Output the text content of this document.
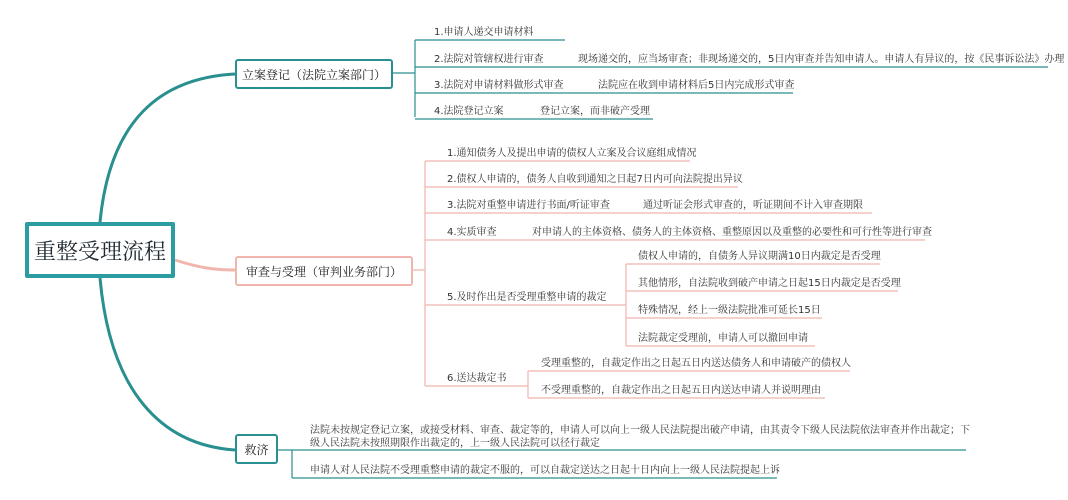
重整受理流程
立案登记（法院立案部门）
审查与受理（审判业务部门）
救济
1.申请人递交申请材料
2.法院对管辖权进行审查	现场递交的，应当场审查；非现场递交的，5日内审查并告知申请人。申请人有异议的，按《民事诉讼法》办理
3.法院对申请材料做形式审查	法院应在收到申请材料后5日内完成形式审查
4.法院登记立案	登记立案，而非破产受理
1.通知债务人及提出申请的债权人立案及合议庭组成情况
2.债权人申请的，债务人自收到通知之日起7日内可向法院提出异议
3.法院对重整申请进行书面/听证审查	通过听证会形式审查的，听证期间不计入审查期限
4.实质审查	对申请人的主体资格、债务人的主体资格、重整原因以及重整的必要性和可行性等进行审查
5.及时作出是否受理重整申请的裁定
债权人申请的，自债务人异议期满10日内裁定是否受理
其他情形，自法院收到破产申请之日起15日内裁定是否受理
特殊情况，经上一级法院批准可延长15日
法院裁定受理前，申请人可以撤回申请
6.送达裁定书
受理重整的，自裁定作出之日起五日内送达债务人和申请破产的债权人
不受理重整的，自裁定作出之日起五日内送达申请人并说明理由
法院未按规定登记立案，或接受材料、审查、裁定等的，申请人可以向上一级人民法院提出破产申请，由其责令下级人民法院依法审查并作出裁定；下级人民法院未按照期限作出裁定的，上一级人民法院可以径行裁定
申请人对人民法院不受理重整申请的裁定不服的，可以自裁定送达之日起十日内向上一级人民法院提起上诉
